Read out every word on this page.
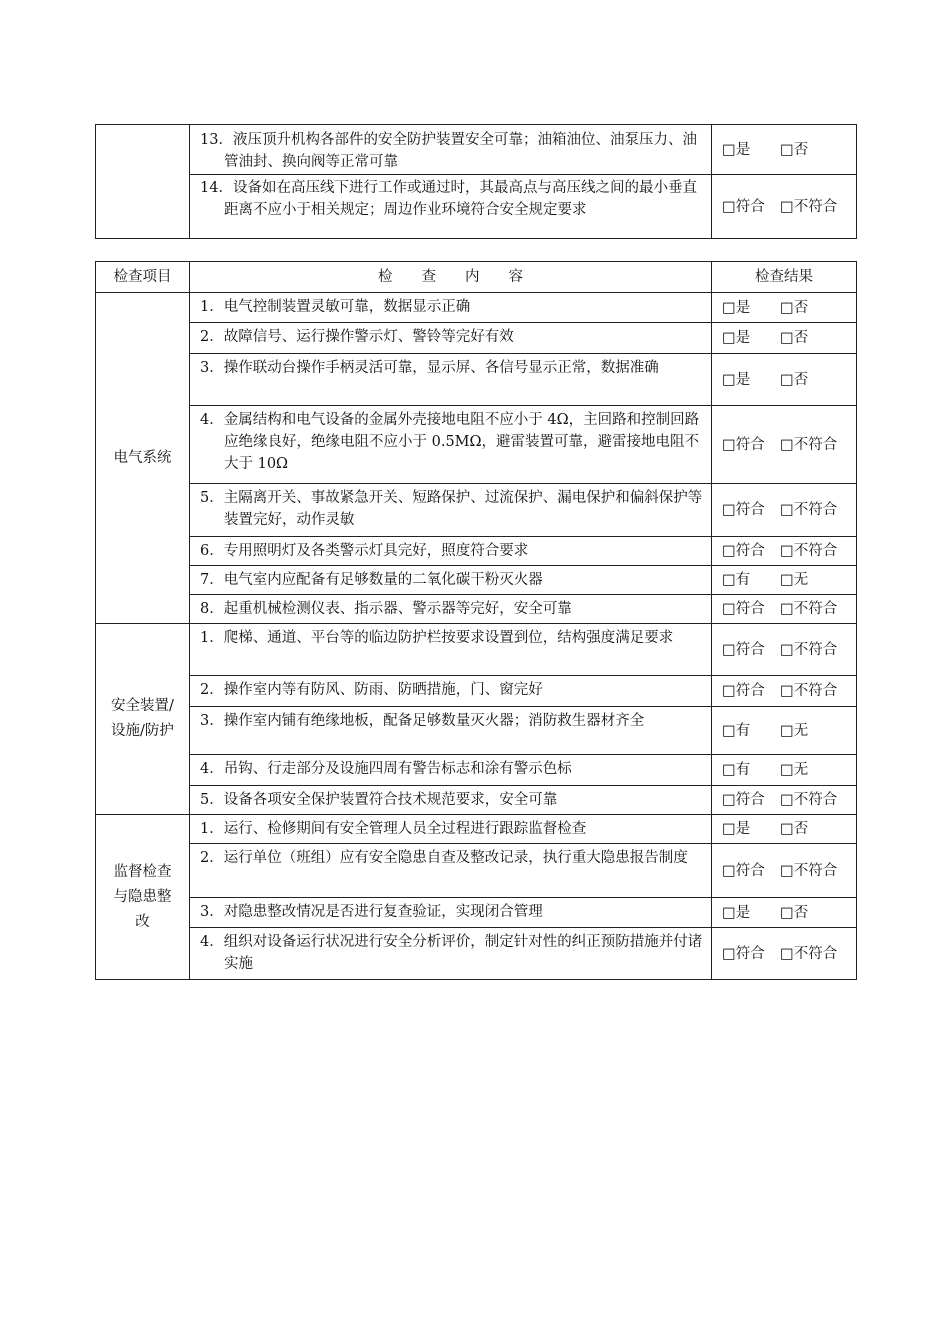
	13．液压顶升机构各部件的安全防护装置安全可靠；油箱油位、油泵压力、油管油封、换向阀等正常可靠	□是 □否

	14．设备如在高压线下进行工作或通过时，其最高点与高压线之间的最小垂直距离不应小于相关规定；周边作业环境符合安全规定要求	□符合 □不符合
检查项目	检　　查　　内　　容	检查结果
电气系统	1．电气控制装置灵敏可靠，数据显示正确	□是 □否

	2．故障信号、运行操作警示灯、警铃等完好有效	□是 □否

	3．操作联动台操作手柄灵活可靠，显示屏、各信号显示正常，数据准确	□是 □否

	4．金属结构和电气设备的金属外壳接地电阻不应小于 4Ω，主回路和控制回路应绝缘良好，绝缘电阻不应小于 0.5MΩ，避雷装置可靠，避雷接地电阻不大于 10Ω	□符合 □不符合

	5．主隔离开关、事故紧急开关、短路保护、过流保护、漏电保护和偏斜保护等装置完好，动作灵敏	□符合 □不符合

	6．专用照明灯及各类警示灯具完好，照度符合要求	□符合 □不符合

	7．电气室内应配备有足够数量的二氧化碳干粉灭火器	□有 □无

	8．起重机械检测仪表、指示器、警示器等完好，安全可靠	□符合 □不符合
安全装置/设施/防护	1．爬梯、通道、平台等的临边防护栏按要求设置到位，结构强度满足要求	□符合 □不符合

	2．操作室内等有防风、防雨、防晒措施，门、窗完好	□符合 □不符合

	3．操作室内铺有绝缘地板，配备足够数量灭火器；消防救生器材齐全	□有 □无

	4．吊钩、行走部分及设施四周有警告标志和涂有警示色标	□有 □无

	5．设备各项安全保护装置符合技术规范要求，安全可靠	□符合 □不符合
监督检查与隐患整改	1．运行、检修期间有安全管理人员全过程进行跟踪监督检查	□是 □否

	2．运行单位（班组）应有安全隐患自查及整改记录，执行重大隐患报告制度	□符合 □不符合

	3．对隐患整改情况是否进行复查验证，实现闭合管理	□是 □否

	4．组织对设备运行状况进行安全分析评价，制定针对性的纠正预防措施并付诸实施	□符合 □不符合
